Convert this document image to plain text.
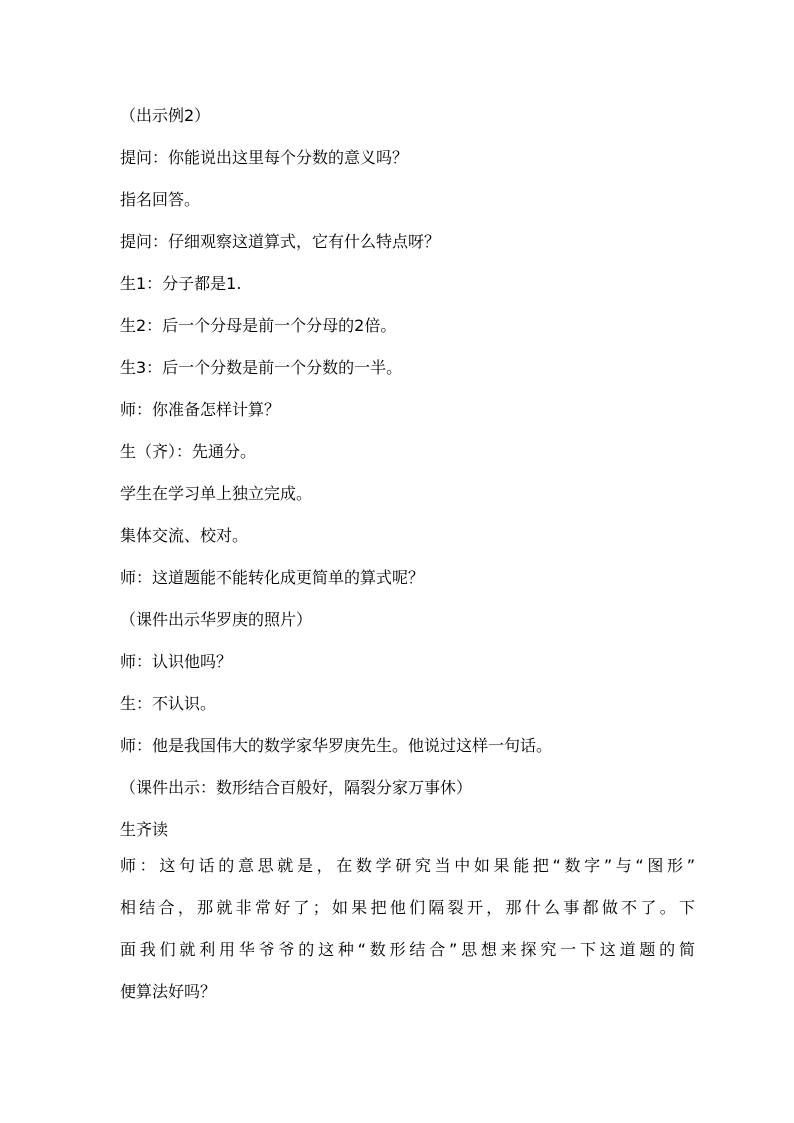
（出示例2）
提问：你能说出这里每个分数的意义吗？
指名回答。
提问：仔细观察这道算式，它有什么特点呀？
生1：分子都是1.
生2：后一个分母是前一个分母的2倍。
生3：后一个分数是前一个分数的一半。
师：你准备怎样计算？
生（齐）：先通分。
学生在学习单上独立完成。
集体交流、校对。
师：这道题能不能转化成更简单的算式呢？
（课件出示华罗庚的照片）
师：认识他吗？
生：不认识。
师：他是我国伟大的数学家华罗庚先生。他说过这样一句话。
（课件出示：数形结合百般好，隔裂分家万事休）
生齐读
师：这句话的意思就是，在数学研究当中如果能把“数字”与“图形”
相结合，那就非常好了；如果把他们隔裂开，那什么事都做不了。下
面我们就利用华爷爷的这种“数形结合”思想来探究一下这道题的简
便算法好吗？
